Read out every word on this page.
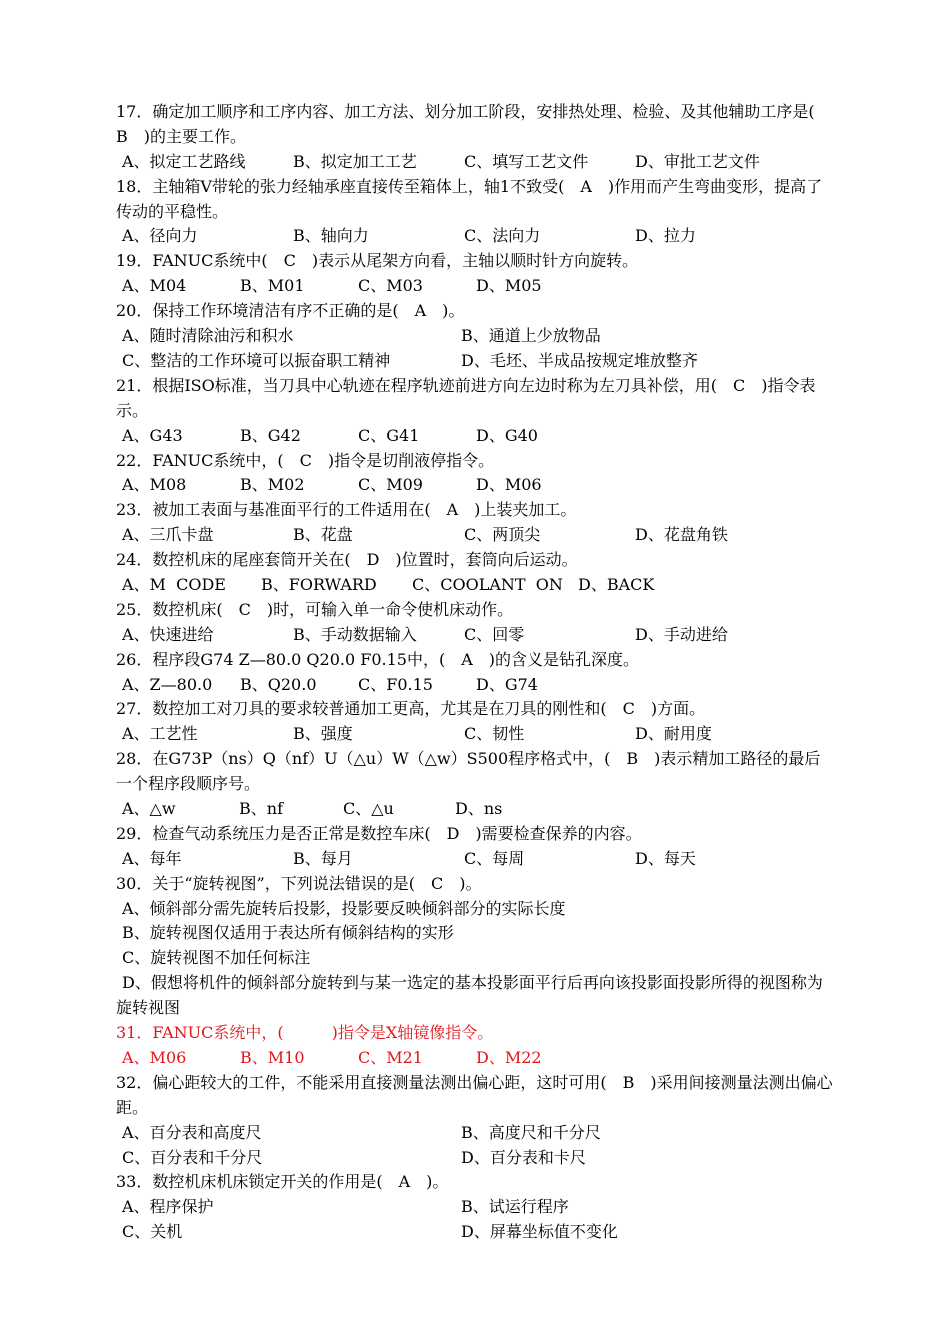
17．确定加工顺序和工序内容、加工方法、划分加工阶段，安排热处理、检验、及其他辅助工序是(　B　)的主要工作。
A、拟定工艺路线	B、拟定加工工艺	C、填写工艺文件	D、审批工艺文件
18．主轴箱V带轮的张力经轴承座直接传至箱体上，轴1不致受(　A　)作用而产生弯曲变形，提高了传动的平稳性。
A、径向力	B、轴向力	C、法向力	D、拉力
19．FANUC系统中(　C　)表示从尾架方向看，主轴以顺时针方向旋转。
A、M04	B、M01	C、M03	D、M05
20．保持工作环境清洁有序不正确的是(　A　)。
A、随时清除油污和积水	B、通道上少放物品
C、整洁的工作环境可以振奋职工精神	D、毛坯、半成品按规定堆放整齐
21．根据ISO标准，当刀具中心轨迹在程序轨迹前进方向左边时称为左刀具补偿，用(　C　)指令表示。
A、G43	B、G42	C、G41	D、G40
22．FANUC系统中，(　C　)指令是切削液停指令。
A、M08	B、M02	C、M09	D、M06
23．被加工表面与基准面平行的工件适用在(　A　)上装夹加工。
A、三爪卡盘	B、花盘	C、两顶尖	D、花盘角铁
24．数控机床的尾座套筒开关在(　D　)位置时，套筒向后运动。
A、M  CODE	B、FORWARD	C、COOLANT  ON D、BACK
25．数控机床(　C　)时，可输入单一命令使机床动作。
A、快速进给	B、手动数据输入	C、回零	D、手动进给
26．程序段G74 Z—80.0 Q20.0 F0.15中，(　A　)的含义是钻孔深度。
A、Z—80.0	B、Q20.0	C、F0.15	D、G74
27．数控加工对刀具的要求较普通加工更高，尤其是在刀具的刚性和(　C　)方面。
A、工艺性	B、强度	C、韧性	D、耐用度
28．在G73P（ns）Q（nf）U（△u）W（△w）S500程序格式中，(　B　)表示精加工路径的最后一个程序段顺序号。
A、△w	B、nf	C、△u	D、ns
29．检查气动系统压力是否正常是数控车床(　D　)需要检查保养的内容。
A、每年	B、每月	C、每周	D、每天
30．关于“旋转视图”，下列说法错误的是(　C　)。
A、倾斜部分需先旋转后投影，投影要反映倾斜部分的实际长度
B、旋转视图仅适用于表达所有倾斜结构的实形
C、旋转视图不加任何标注
D、假想将机件的倾斜部分旋转到与某一选定的基本投影面平行后再向该投影面投影所得的视图称为旋转视图
31．FANUC系统中，(　　　)指令是X轴镜像指令。
A、M06	B、M10	C、M21	D、M22
32．偏心距较大的工件，不能采用直接测量法测出偏心距，这时可用(　B　)采用间接测量法测出偏心距。
A、百分表和高度尺	B、高度尺和千分尺
C、百分表和千分尺	D、百分表和卡尺
33．数控机床机床锁定开关的作用是(　A　)。
A、程序保护	B、试运行程序
C、关机	D、屏幕坐标值不变化
